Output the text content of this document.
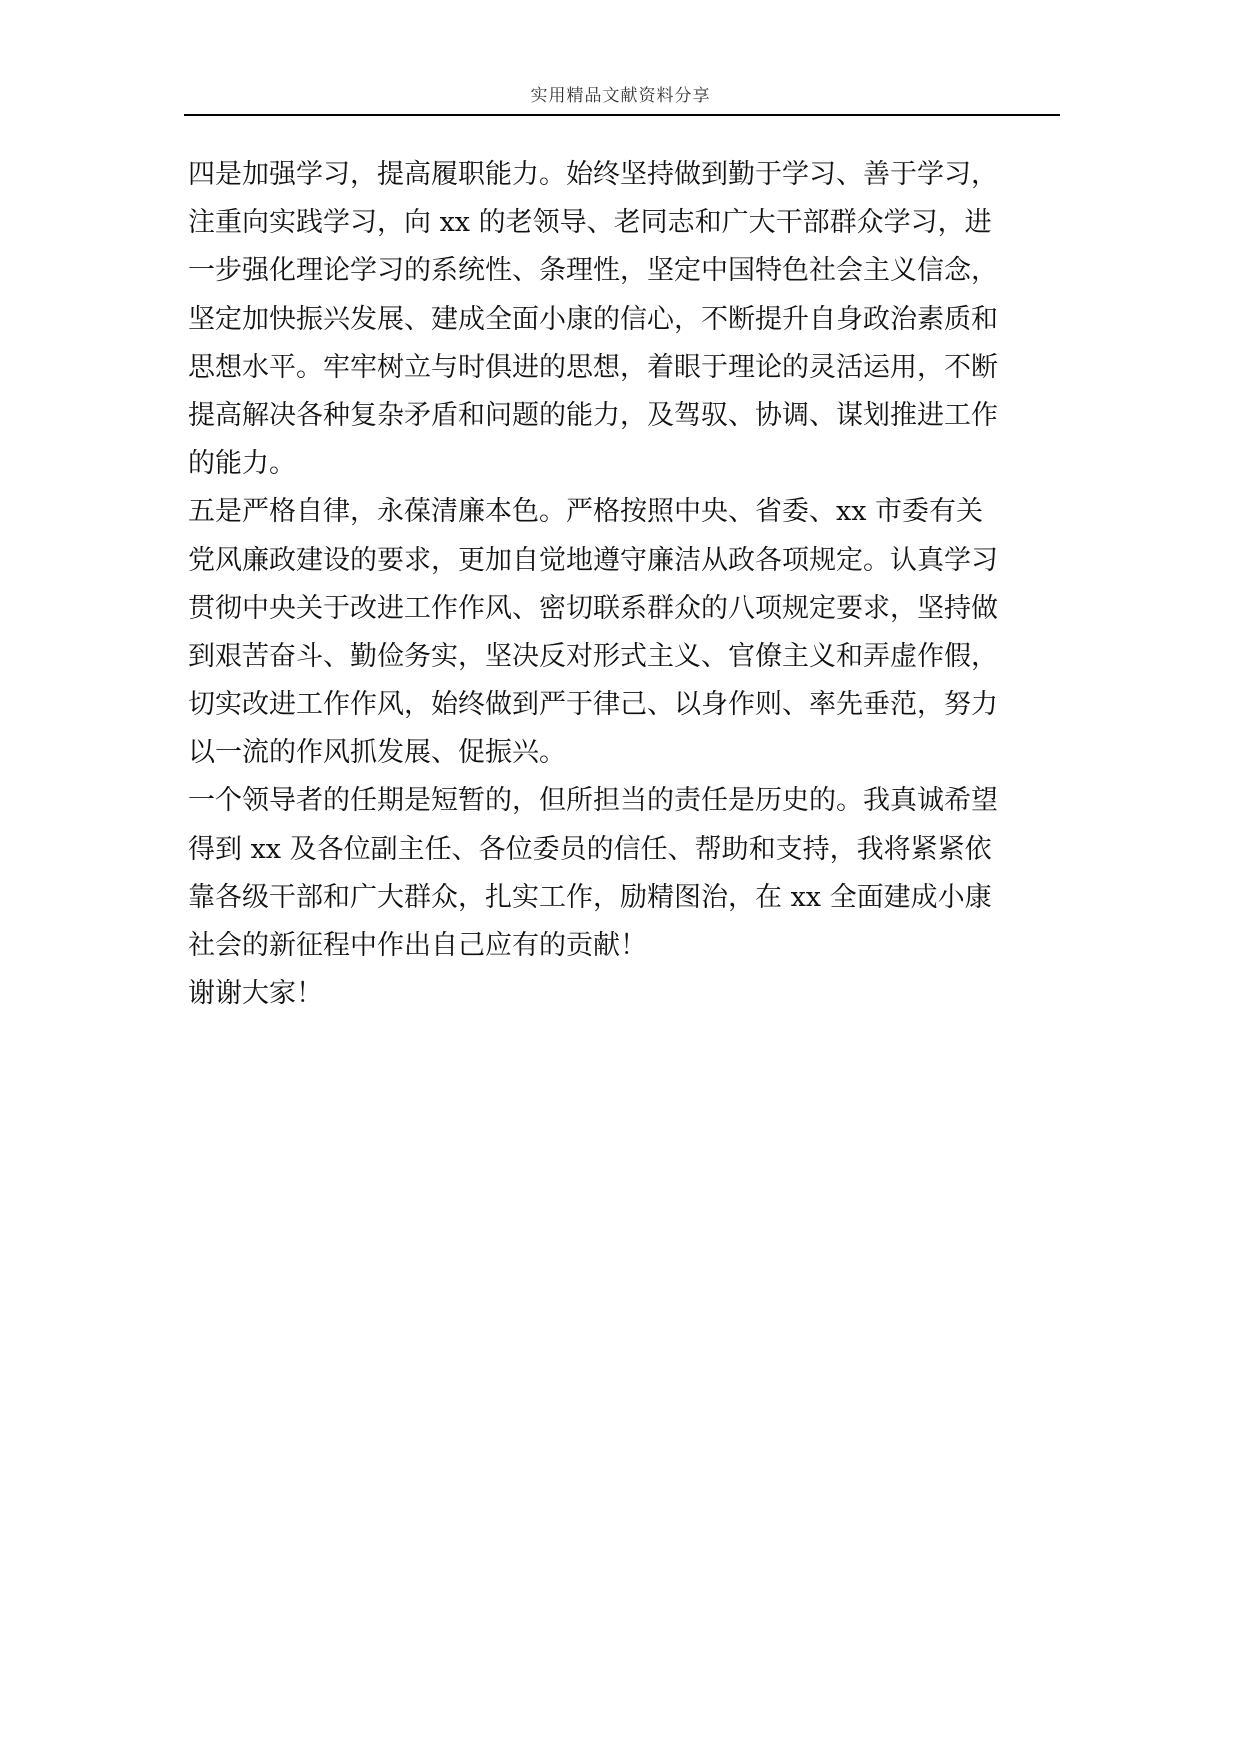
实用精品文献资料分享
四是加强学习，提高履职能力。始终坚持做到勤于学习、善于学习，
注重向实践学习，向 xx 的老领导、老同志和广大干部群众学习，进
一步强化理论学习的系统性、条理性，坚定中国特色社会主义信念，
坚定加快振兴发展、建成全面小康的信心，不断提升自身政治素质和
思想水平。牢牢树立与时俱进的思想，着眼于理论的灵活运用，不断
提高解决各种复杂矛盾和问题的能力，及驾驭、协调、谋划推进工作
的能力。
五是严格自律，永葆清廉本色。严格按照中央、省委、xx 市委有关
党风廉政建设的要求，更加自觉地遵守廉洁从政各项规定。认真学习
贯彻中央关于改进工作作风、密切联系群众的八项规定要求，坚持做
到艰苦奋斗、勤俭务实，坚决反对形式主义、官僚主义和弄虚作假，
切实改进工作作风，始终做到严于律己、以身作则、率先垂范，努力
以一流的作风抓发展、促振兴。
一个领导者的任期是短暂的，但所担当的责任是历史的。我真诚希望
得到 xx 及各位副主任、各位委员的信任、帮助和支持，我将紧紧依
靠各级干部和广大群众，扎实工作，励精图治，在 xx 全面建成小康
社会的新征程中作出自己应有的贡献！
谢谢大家！
